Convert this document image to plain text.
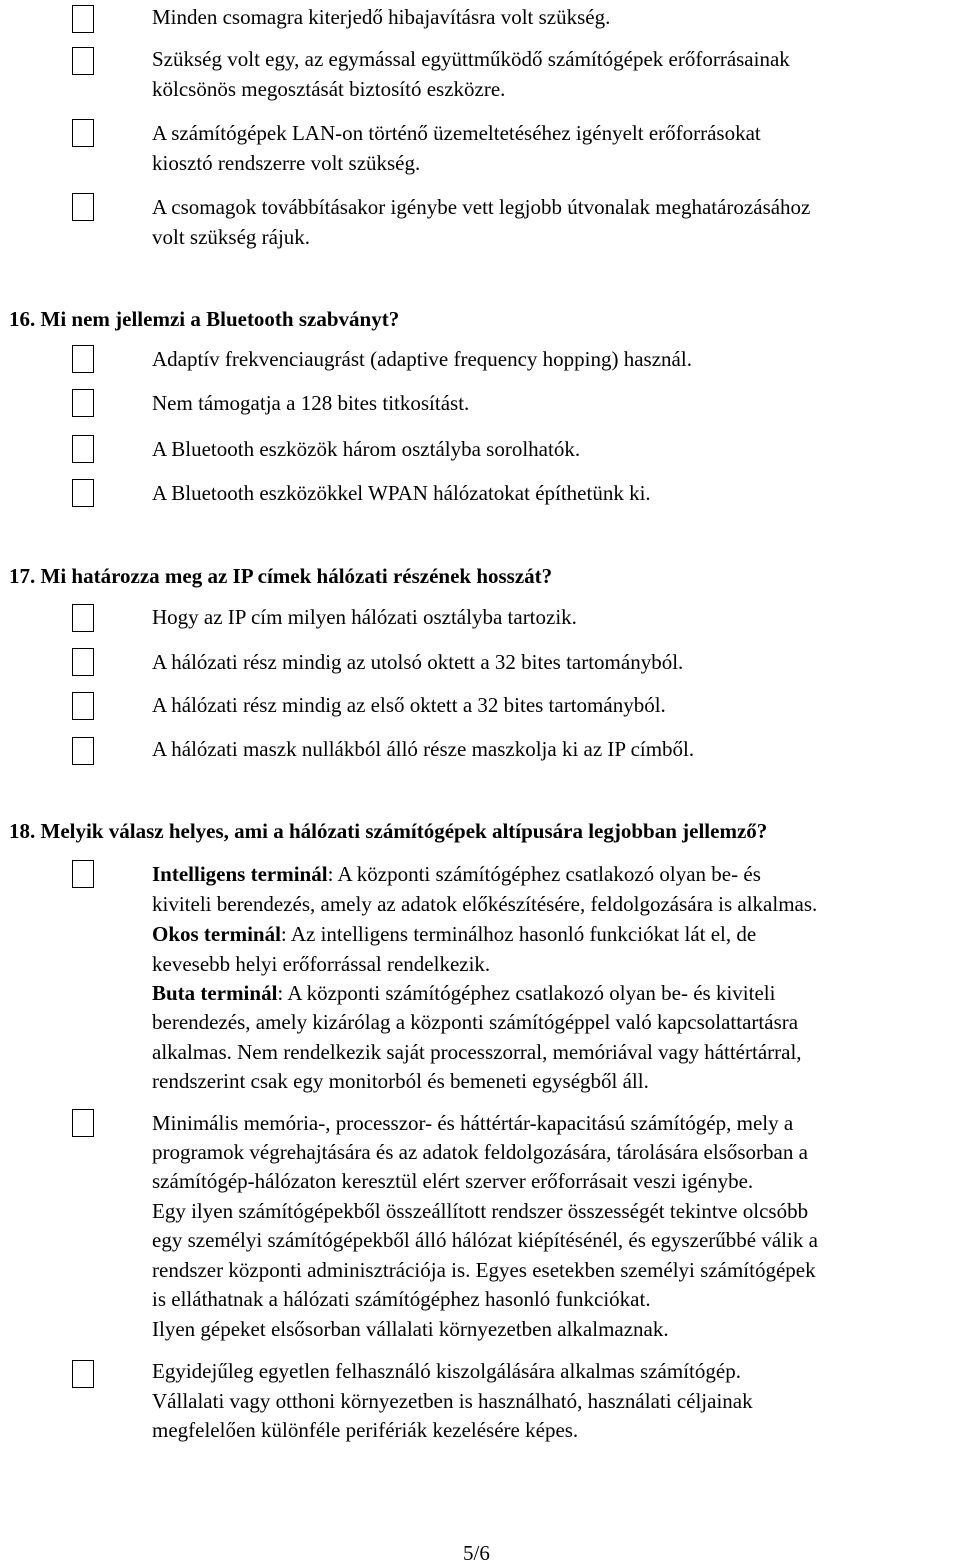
Minden csomagra kiterjedő hibajavításra volt szükség.
Szükség volt egy, az egymással együttműködő számítógépek erőforrásainak
kölcsönös megosztását biztosító eszközre.
A számítógépek LAN-on történő üzemeltetéséhez igényelt erőforrásokat
kiosztó rendszerre volt szükség.
A csomagok továbbításakor igénybe vett legjobb útvonalak meghatározásához
volt szükség rájuk.
16. Mi nem jellemzi a Bluetooth szabványt?
Adaptív frekvenciaugrást (adaptive frequency hopping) használ.
Nem támogatja a 128 bites titkosítást.
A Bluetooth eszközök három osztályba sorolhatók.
A Bluetooth eszközökkel WPAN hálózatokat építhetünk ki.
17. Mi határozza meg az IP címek hálózati részének hosszát?
Hogy az IP cím milyen hálózati osztályba tartozik.
A hálózati rész mindig az utolsó oktett a 32 bites tartományból.
A hálózati rész mindig az első oktett a 32 bites tartományból.
A hálózati maszk nullákból álló része maszkolja ki az IP címből.
18. Melyik válasz helyes, ami a hálózati számítógépek altípusára legjobban jellemző?
Intelligens terminál: A központi számítógéphez csatlakozó olyan be- és
kiviteli berendezés, amely az adatok előkészítésére, feldolgozására is alkalmas.
Okos terminál: Az intelligens terminálhoz hasonló funkciókat lát el, de
kevesebb helyi erőforrással rendelkezik.
Buta terminál: A központi számítógéphez csatlakozó olyan be- és kiviteli
berendezés, amely kizárólag a központi számítógéppel való kapcsolattartásra
alkalmas. Nem rendelkezik saját processzorral, memóriával vagy háttértárral,
rendszerint csak egy monitorból és bemeneti egységből áll.
Minimális memória-, processzor- és háttértár-kapacitású számítógép, mely a
programok végrehajtására és az adatok feldolgozására, tárolására elsősorban a
számítógép-hálózaton keresztül elért szerver erőforrásait veszi igénybe.
Egy ilyen számítógépekből összeállított rendszer összességét tekintve olcsóbb
egy személyi számítógépekből álló hálózat kiépítésénél, és egyszerűbbé válik a
rendszer központi adminisztrációja is. Egyes esetekben személyi számítógépek
is elláthatnak a hálózati számítógéphez hasonló funkciókat.
Ilyen gépeket elsősorban vállalati környezetben alkalmaznak.
Egyidejűleg egyetlen felhasználó kiszolgálására alkalmas számítógép.
Vállalati vagy otthoni környezetben is használható, használati céljainak
megfelelően különféle perifériák kezelésére képes.
5/6
